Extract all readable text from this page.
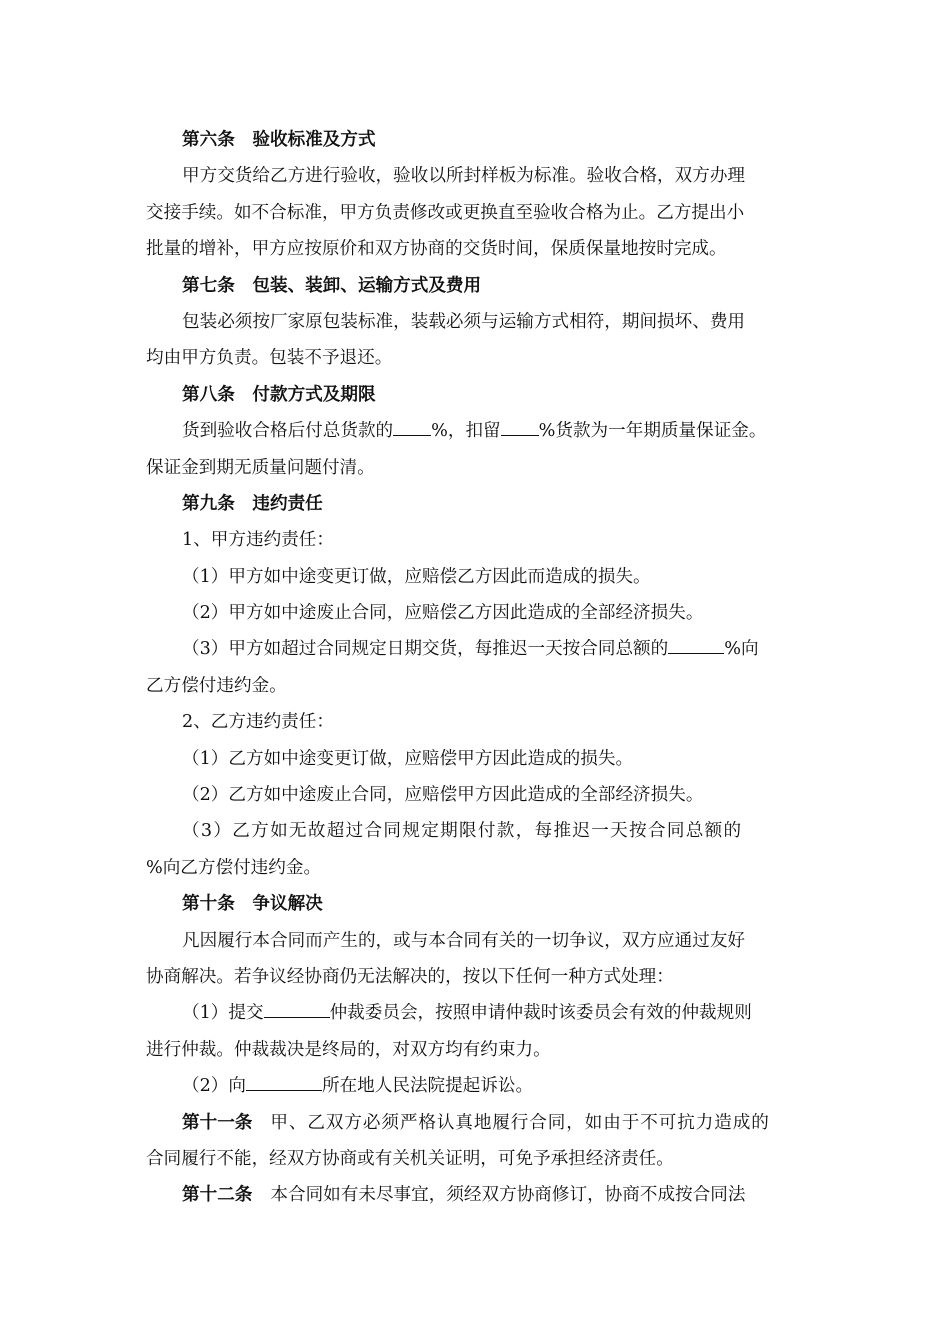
第六条　验收标准及方式
甲方交货给乙方进行验收，验收以所封样板为标准。验收合格，双方办理
交接手续。如不合标准，甲方负责修改或更换直至验收合格为止。乙方提出小
批量的增补，甲方应按原价和双方协商的交货时间，保质保量地按时完成。
第七条　包装、装卸、运输方式及费用
包装必须按厂家原包装标准，装载必须与运输方式相符，期间损坏、费用
均由甲方负责。包装不予退还。
第八条　付款方式及期限
货到验收合格后付总货款的 %，扣留 %货款为一年期质量保证金。
保证金到期无质量问题付清。
第九条　违约责任
1、甲方违约责任：
（1）甲方如中途变更订做，应赔偿乙方因此而造成的损失。
（2）甲方如中途废止合同，应赔偿乙方因此造成的全部经济损失。
（3）甲方如超过合同规定日期交货，每推迟一天按合同总额的	%向
乙方偿付违约金。
2、乙方违约责任：
（1）乙方如中途变更订做，应赔偿甲方因此造成的损失。
（2）乙方如中途废止合同，应赔偿甲方因此造成的全部经济损失。
（3）乙方如无故超过合同规定期限付款，每推迟一天按合同总额的
%向乙方偿付违约金。
第十条　争议解决
凡因履行本合同而产生的，或与本合同有关的一切争议，双方应通过友好
协商解决。若争议经协商仍无法解决的，按以下任何一种方式处理：
（1）提交	仲裁委员会，按照申请仲裁时该委员会有效的仲裁规则
进行仲裁。仲裁裁决是终局的，对双方均有约束力。
（2）向	所在地人民法院提起诉讼。
第十一条 甲、乙双方必须严格认真地履行合同，如由于不可抗力造成的
合同履行不能，经双方协商或有关机关证明，可免予承担经济责任。
第十二条 本合同如有未尽事宜，须经双方协商修订，协商不成按合同法
